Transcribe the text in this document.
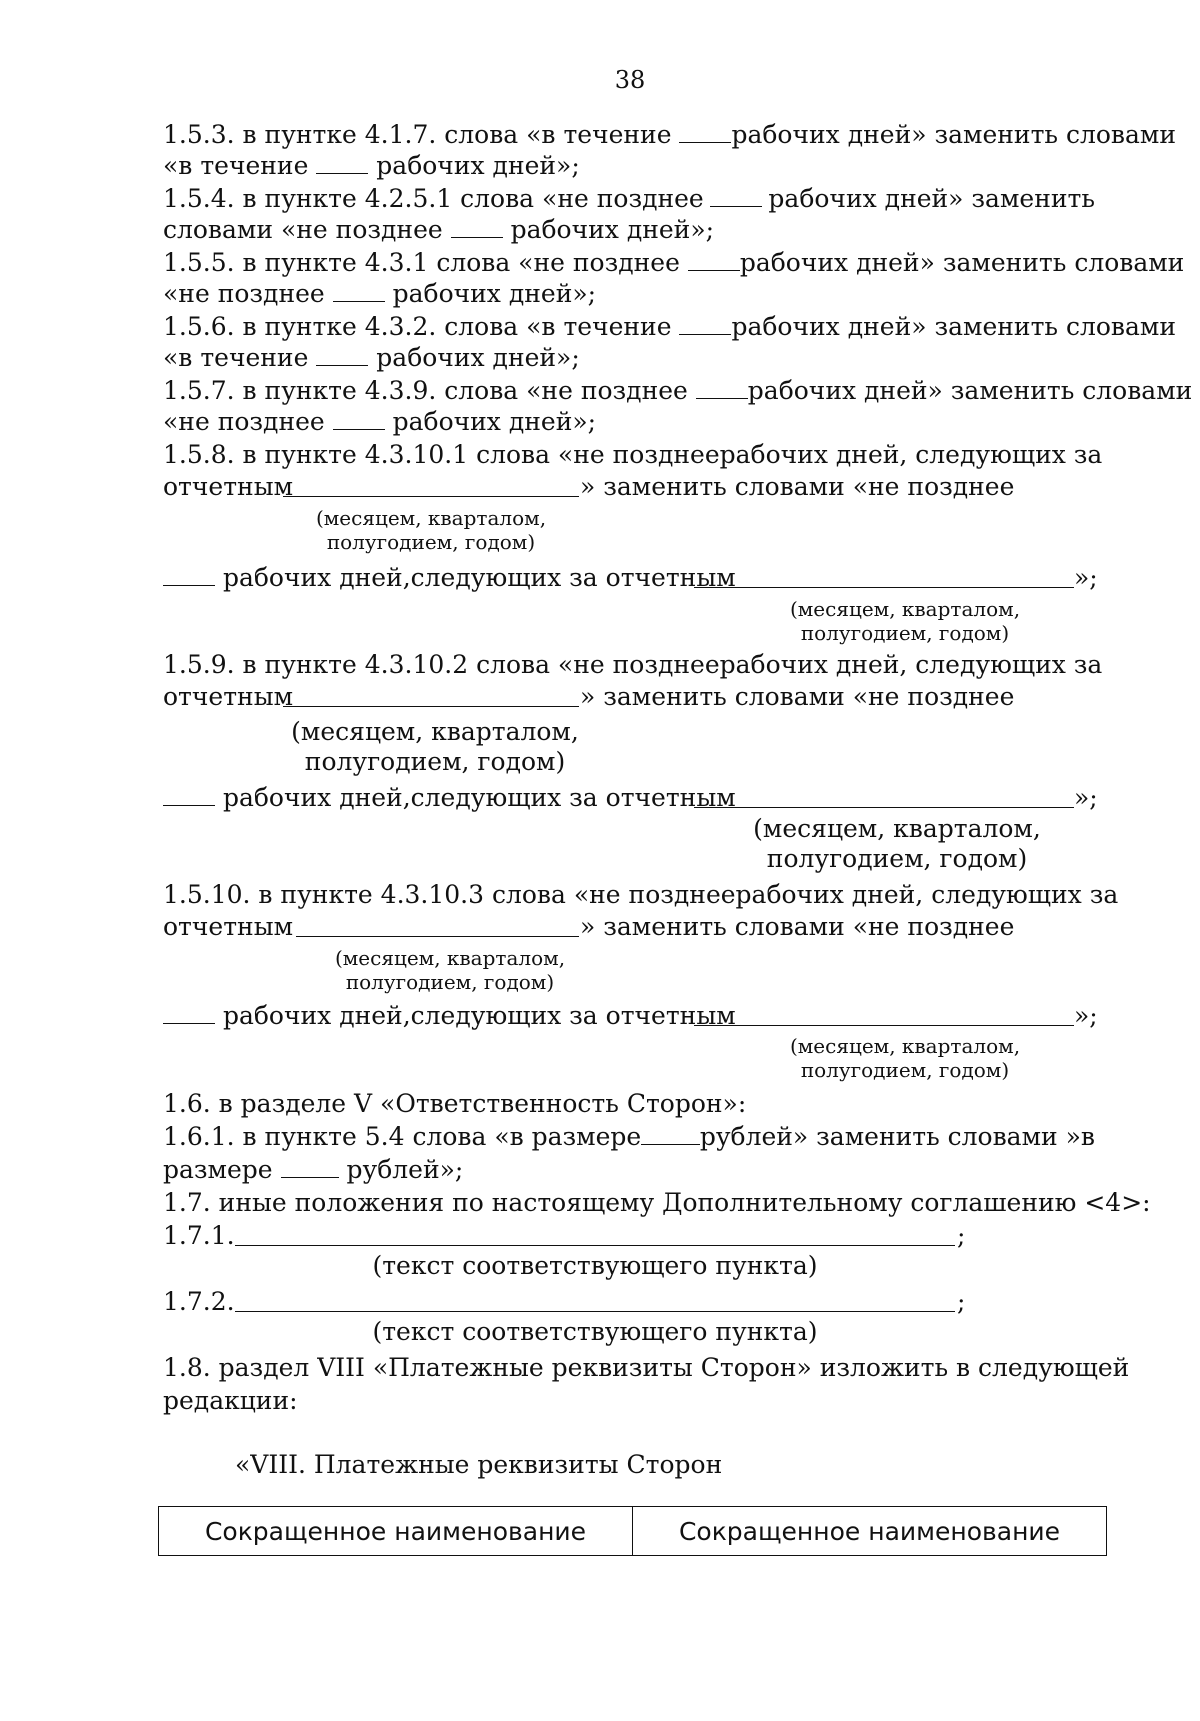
38
1.5.3. в пунтке 4.1.7. слова «в течение	рабочих дней» заменить словами
«в течение	рабочих дней»;
1.5.4. в пункте 4.2.5.1 слова «не позднее	рабочих дней» заменить
словами «не позднее	рабочих дней»;
1.5.5. в пункте 4.3.1 слова «не позднее	рабочих дней» заменить словами
«не позднее	рабочих дней»;
1.5.6. в пунтке 4.3.2. слова «в течение	рабочих дней» заменить словами
«в течение	рабочих дней»;
1.5.7. в пункте 4.3.9. слова «не позднее	рабочих дней» заменить словами
«не позднее	рабочих дней»;
1.5.8. в пункте 4.3.10.1 слова «не позднее рабочих дней, следующих за
отчетным	» заменить словами «не позднее
(месяцем, кварталом,
полугодием, годом)
рабочих дней,следующих за отчетным	»;
(месяцем, кварталом,
полугодием, годом)
1.5.9. в пункте 4.3.10.2 слова «не позднее рабочих дней, следующих за
отчетным	» заменить словами «не позднее
(месяцем, кварталом,
полугодием, годом)
рабочих дней,следующих за отчетным	»;
(месяцем, кварталом,
полугодием, годом)
1.5.10. в пункте 4.3.10.3 слова «не позднее рабочих дней, следующих за
отчетным	» заменить словами «не позднее
(месяцем, кварталом,
полугодием, годом)
рабочих дней,следующих за отчетным	»;
(месяцем, кварталом,
полугодием, годом)
1.6. в разделе V «Ответственность Сторон»:
1.6.1. в пункте 5.4 слова «в размере рублей» заменить словами »в
размере	рублей»;
1.7. иные положения по настоящему Дополнительному соглашению <4>:
1.7.1.	;
(текст соответствующего пункта)
1.7.2.	;
(текст соответствующего пункта)
1.8. раздел VIII «Платежные реквизиты Сторон» изложить в следующей
редакции:
«VIII. Платежные реквизиты Сторон
Сокращенное наименование	Сокращенное наименование
